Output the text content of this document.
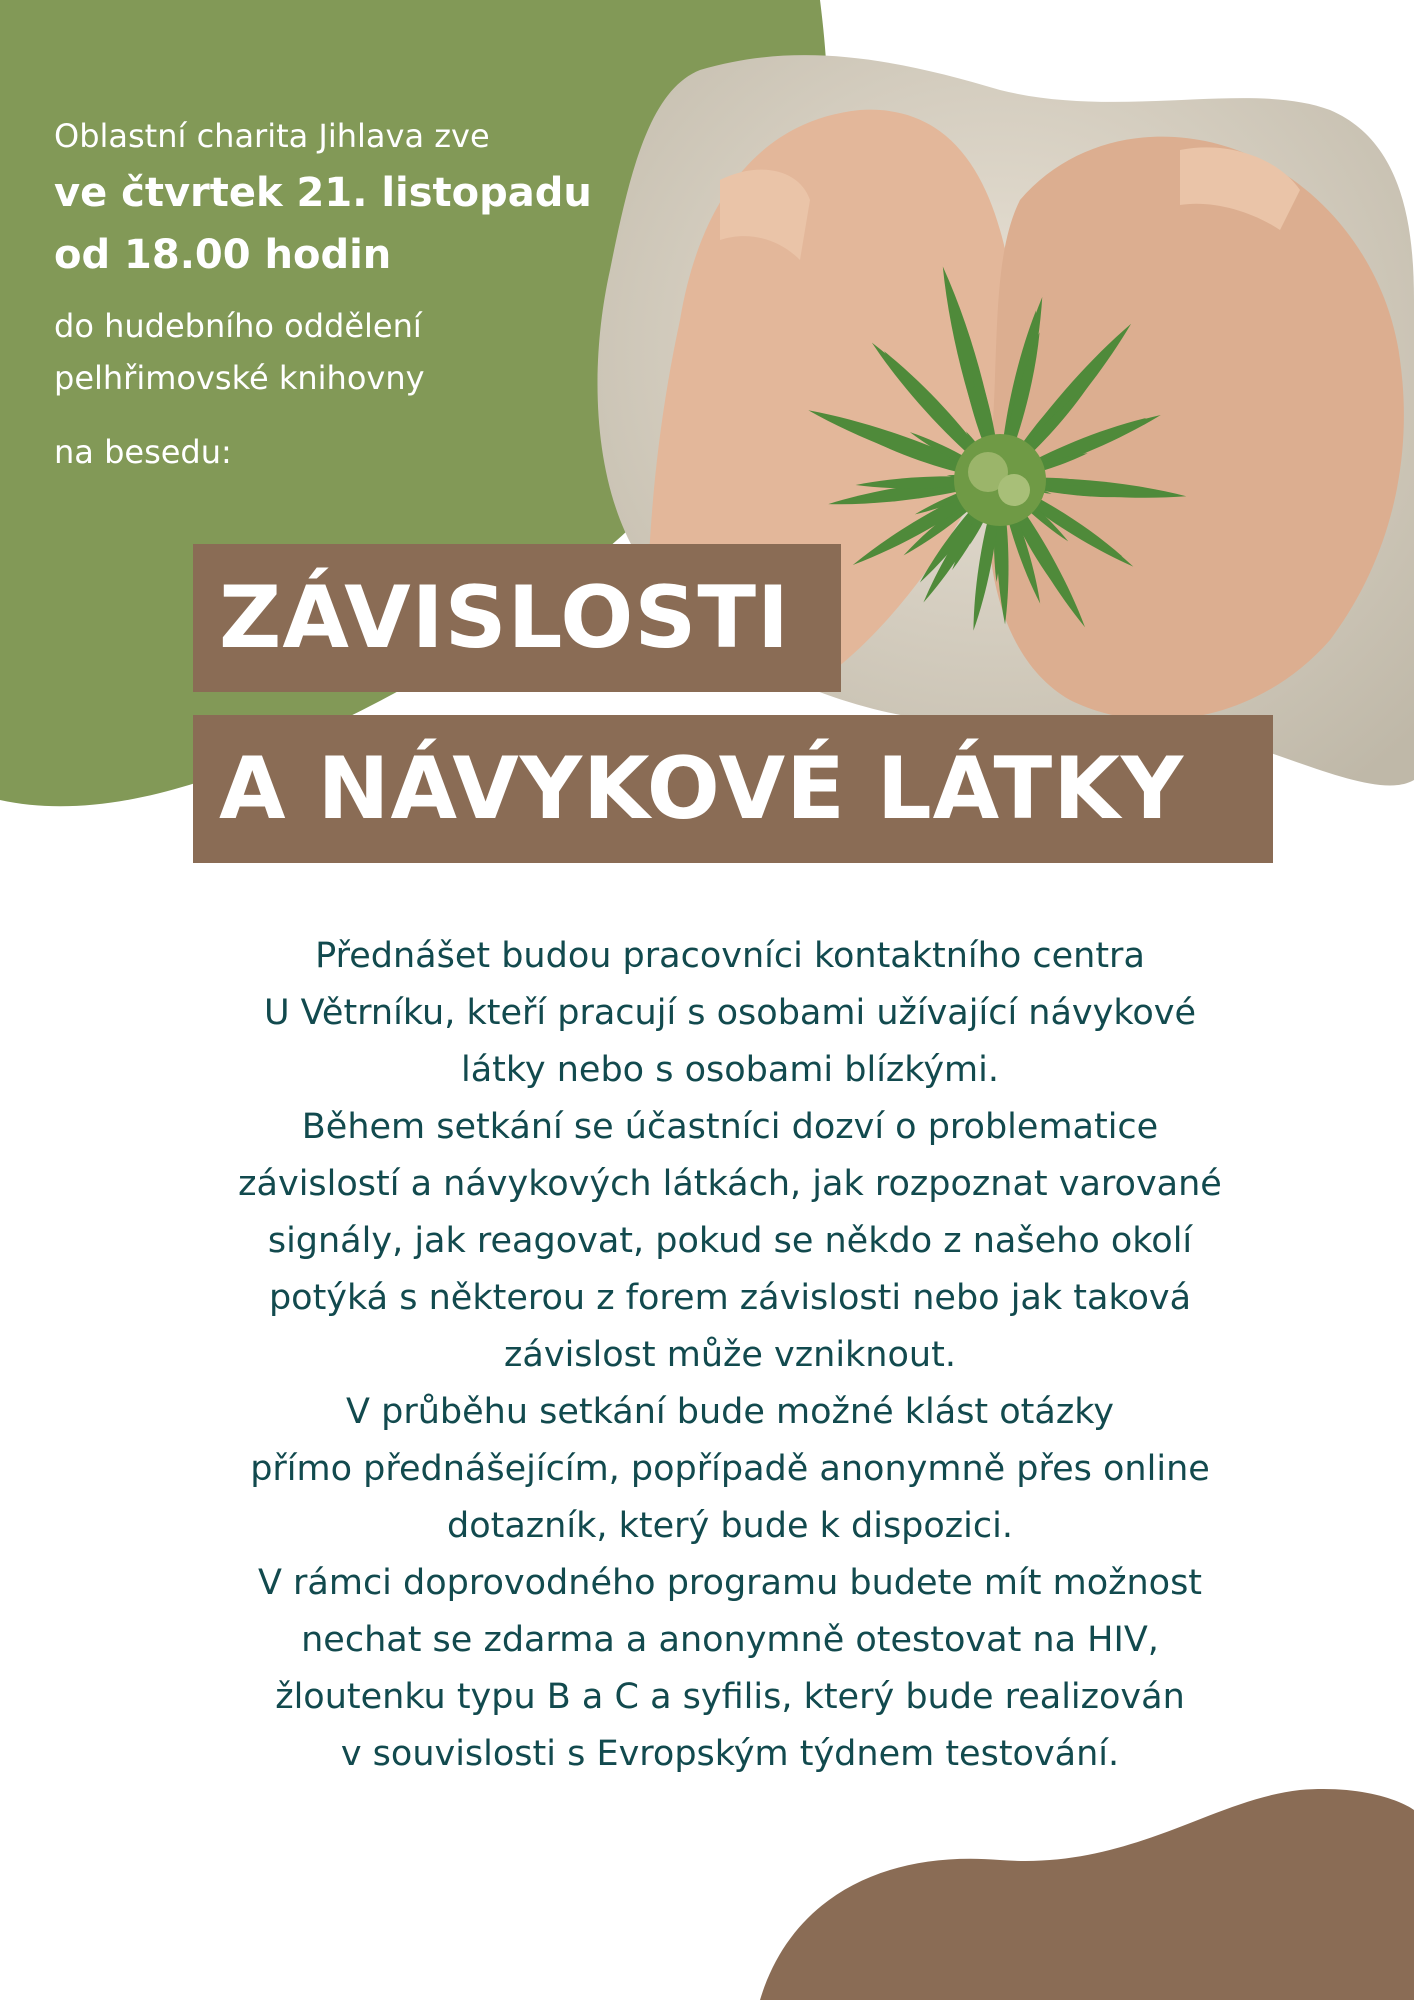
Oblastní charita Jihlava zve
ve čtvrtek 21. listopadu
od 18.00 hodin
do hudebního oddělení
pelhřimovské knihovny
na besedu:
ZÁVISLOSTI
A NÁVYKOVÉ LÁTKY
Přednášet budou pracovníci kontaktního centra
U Větrníku, kteří pracují s osobami užívající návykové
látky nebo s osobami blízkými.
Během setkání se účastníci dozví o problematice
závislostí a návykových látkách, jak rozpoznat varované
signály, jak reagovat, pokud se někdo z našeho okolí
potýká s některou z forem závislosti nebo jak taková
závislost může vzniknout.
V průběhu setkání bude možné klást otázky
přímo přednášejícím, popřípadě anonymně přes online
dotazník, který bude k dispozici.
V rámci doprovodného programu budete mít možnost
nechat se zdarma a anonymně otestovat na HIV,
žloutenku typu B a C a syfilis, který bude realizován
v souvislosti s Evropským týdnem testování.
